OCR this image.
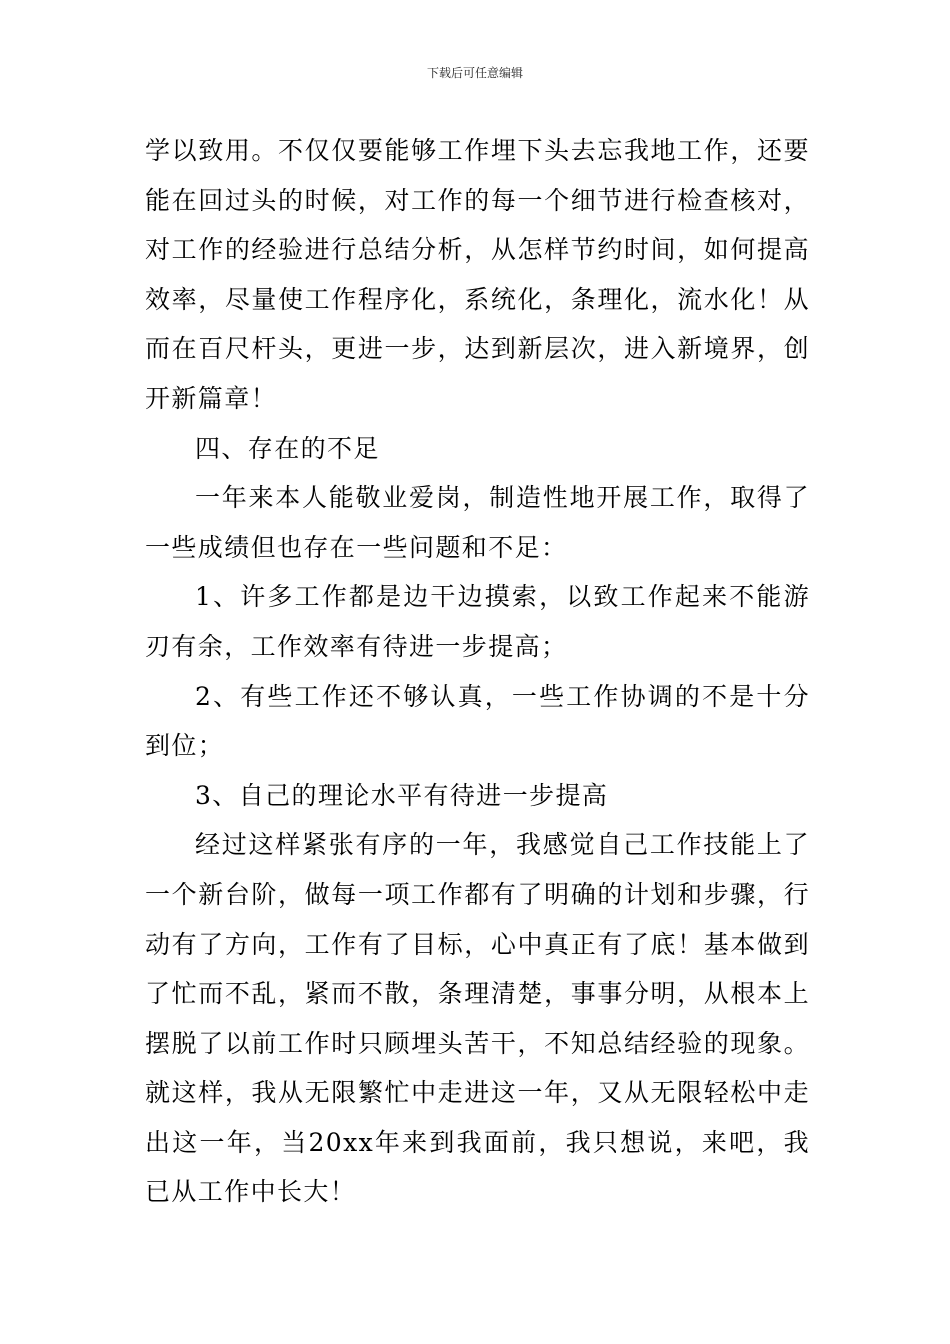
下载后可任意编辑

学以致用。不仅仅要能够工作埋下头去忘我地工作，还要能在回过头的时候，对工作的每一个细节进行检查核对，对工作的经验进行总结分析，从怎样节约时间，如何提高效率，尽量使工作程序化，系统化，条理化，流水化！从而在百尺杆头，更进一步，达到新层次，进入新境界，创开新篇章！

四、存在的不足

一年来本人能敬业爱岗，制造性地开展工作，取得了一些成绩但也存在一些问题和不足：

1、许多工作都是边干边摸索，以致工作起来不能游刃有余，工作效率有待进一步提高；

2、有些工作还不够认真，一些工作协调的不是十分到位；

3、自己的理论水平有待进一步提高

经过这样紧张有序的一年，我感觉自己工作技能上了一个新台阶，做每一项工作都有了明确的计划和步骤，行动有了方向，工作有了目标，心中真正有了底！基本做到了忙而不乱，紧而不散，条理清楚，事事分明，从根本上摆脱了以前工作时只顾埋头苦干，不知总结经验的现象。就这样，我从无限繁忙中走进这一年，又从无限轻松中走出这一年，当20xx年来到我面前，我只想说，来吧，我已从工作中长大！
